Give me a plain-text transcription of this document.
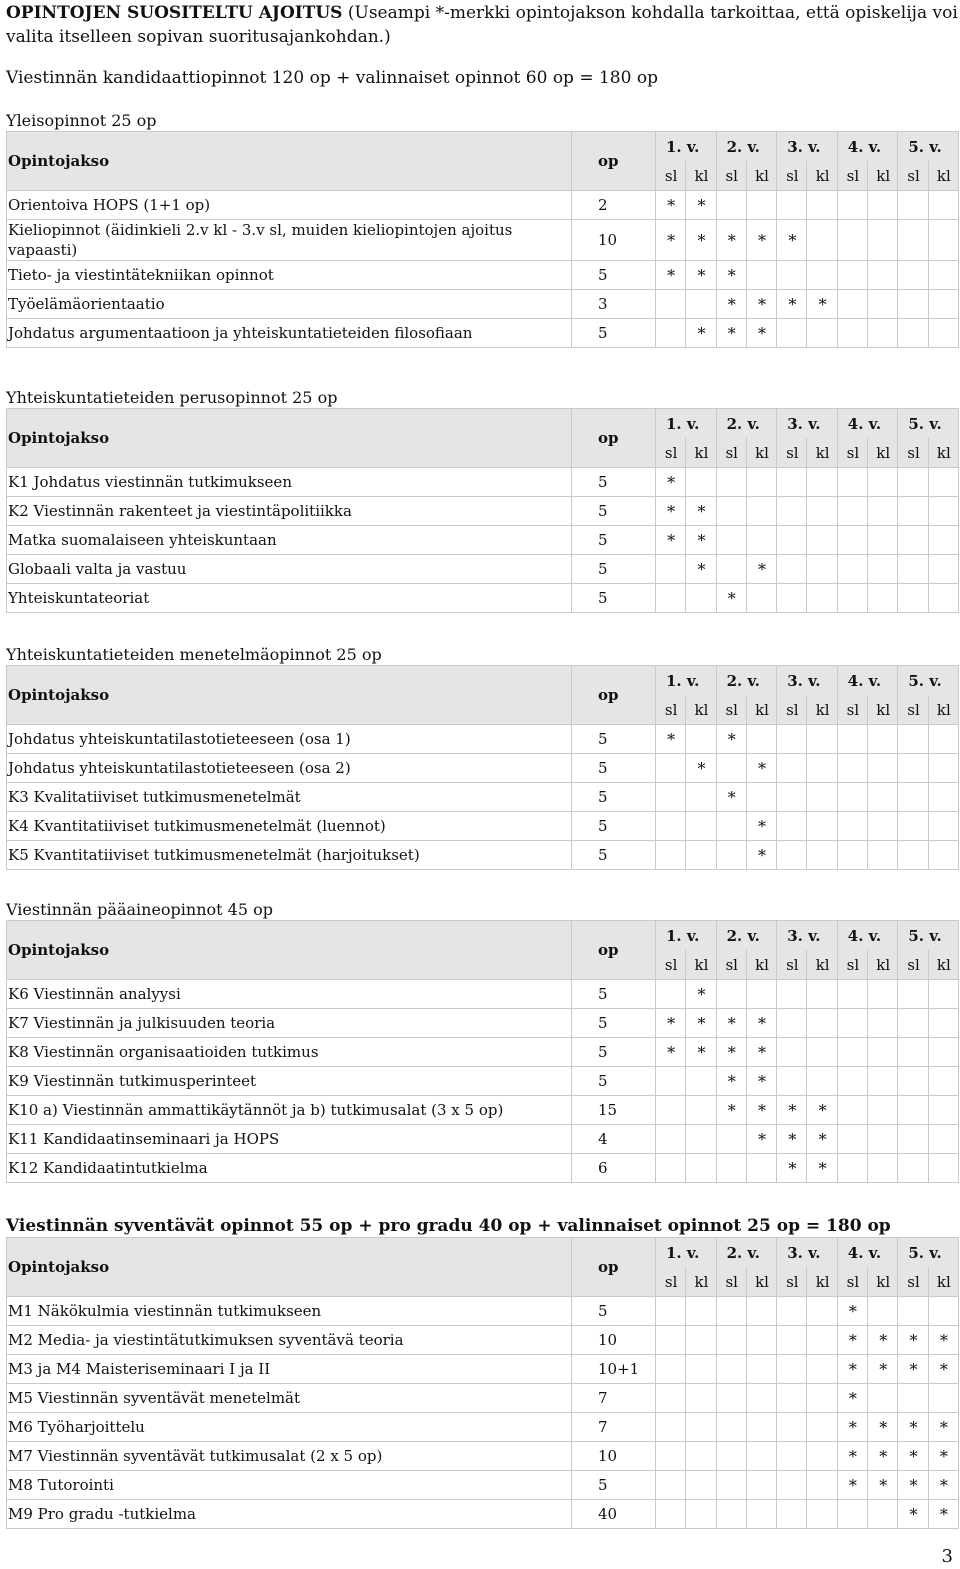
OPINTOJEN SUOSITELTU AJOITUS (Useampi *-merkki opintojakson kohdalla tarkoittaa, että opiskelija voi valita itselleen sopivan suoritusajankohdan.)
Viestinnän kandidaattiopinnot 120 op + valinnaiset opinnot 60 op = 180 op
Yleisopinnot 25 op
Opintojakso	op	1. v.		2. v.		3. v.		4. v.		5. v.	
		sl	kl	sl	kl	sl	kl	sl	kl	sl	kl
Orientoiva HOPS (1+1 op)	2	*	*								
Kieliopinnot (äidinkieli 2.v kl - 3.v sl, muiden kieliopintojen ajoitus vapaasti)	10	*	*	*	*	*					
Tieto- ja viestintätekniikan opinnot	5	*	*	*							
Työelämäorientaatio	3			*	*	*	*				
Johdatus argumentaatioon ja yhteiskuntatieteiden filosofiaan	5		*	*	*						
Yhteiskuntatieteiden perusopinnot 25 op
Opintojakso	op	1. v.		2. v.		3. v.		4. v.		5. v.	
		sl	kl	sl	kl	sl	kl	sl	kl	sl	kl
K1 Johdatus viestinnän tutkimukseen	5	*									
K2 Viestinnän rakenteet ja viestintäpolitiikka	5	*	*								
Matka suomalaiseen yhteiskuntaan	5	*	*								
Globaali valta ja vastuu	5		*		*						
Yhteiskuntateoriat	5			*							
Yhteiskuntatieteiden menetelmäopinnot 25 op
Opintojakso	op	1. v.		2. v.		3. v.		4. v.		5. v.	
		sl	kl	sl	kl	sl	kl	sl	kl	sl	kl
Johdatus yhteiskuntatilastotieteeseen (osa 1)	5	*		*							
Johdatus yhteiskuntatilastotieteeseen (osa 2)	5		*		*						
K3 Kvalitatiiviset tutkimusmenetelmät	5			*							
K4 Kvantitatiiviset tutkimusmenetelmät (luennot)	5				*						
K5 Kvantitatiiviset tutkimusmenetelmät (harjoitukset)	5				*						
Viestinnän pääaineopinnot 45 op
Opintojakso	op	1. v.		2. v.		3. v.		4. v.		5. v.	
		sl	kl	sl	kl	sl	kl	sl	kl	sl	kl
K6 Viestinnän analyysi	5		*								
K7 Viestinnän ja julkisuuden teoria	5	*	*	*	*						
K8 Viestinnän organisaatioiden tutkimus	5	*	*	*	*						
K9 Viestinnän tutkimusperinteet	5			*	*						
K10 a) Viestinnän ammattikäytännöt ja b) tutkimusalat (3 x 5 op)	15			*	*	*	*				
K11 Kandidaatinseminaari ja HOPS	4				*	*	*				
K12 Kandidaatintutkielma	6					*	*				
Viestinnän syventävät opinnot 55 op + pro gradu 40 op + valinnaiset opinnot 25 op = 180 op
Opintojakso	op	1. v.		2. v.		3. v.		4. v.		5. v.	
		sl	kl	sl	kl	sl	kl	sl	kl	sl	kl
M1 Näkökulmia viestinnän tutkimukseen	5							*			
M2 Media- ja viestintätutkimuksen syventävä teoria	10							*	*	*	*
M3 ja M4 Maisteriseminaari I ja II	10+1							*	*	*	*
M5 Viestinnän syventävät menetelmät	7							*			
M6 Työharjoittelu	7							*	*	*	*
M7 Viestinnän syventävät tutkimusalat (2 x 5 op)	10							*	*	*	*
M8 Tutorointi	5							*	*	*	*
M9 Pro gradu -tutkielma	40									*	*
3
